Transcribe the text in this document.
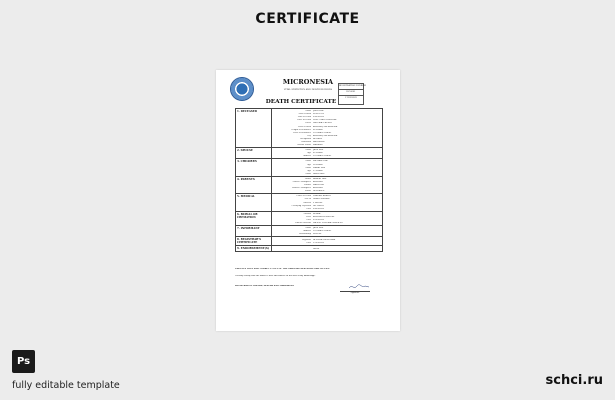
CERTIFICATE
MICRONESIA
VITAL STATISTICS AND DEATH RECORDS
REGISTRATION NUMBER
DC-0001
17/03/2022
DEATH CERTIFICATE
1. DECEASED	Name	JOHN DOE
Date of Birth	01/01/1956
Date of Death	03/03/2022
Place of Death	CIVIC STATE HOSPITAL
Cause	NATURAL CAUSES
Place of Birth	KOLONIA, MICRONESIA
Length of Residence	66 YEARS
Place of Residence	123 MAIN STREET
City	KOLONIA, MICRONESIA
Occupation	RETIRED
Education	BACHELOR
Marital Status	MARRIED
2. SPOUSE	Name	JANE DOE
Age	62 YEARS
Address	123 MAIN STREET
3. CHILDREN	Name	MICHAEL DOE
Age	38 YEARS
Name	SARAH DOE
Age	35 YEARS
Name	DAVID DOE
4. PARENTS	Father	ROBERT DOE
Father's Birthplace	KOLONIA
Mother	MARY DOE
Mother's Birthplace	KOLONIA
Status	DECEASED
5. MEDICAL	Cause of Death	CARDIAC ARREST
Due to	HEART DISEASE
Interval	2 HOURS
Certifying Physician	DR. SMITH
Date	03/03/2022
6. BURIAL OR CREMATION
Method	BURIAL
Place	KOLONIA CEMETERY
Date	07/03/2022
Funeral Director	PACIFIC FUNERAL SERVICES
7. INFORMANT	Name	JANE DOE
Address	123 MAIN STREET
Relationship	SPOUSE
8. REGISTRAR'S CERTIFICATE
Registrar	OFFICIAL REGISTRAR
Date	17/03/2022
9. ENDORSEMENT(S)	NONE
THIS IS A TRUE AND CORRECT COPY OF THE ORIGINAL DEATH RECORD ON FILE
I hereby certify that the above is true and correct to the best of my knowledge.
REGISTRAR OF BIRTHS, DEATHS AND MARRIAGES
Signature
Ps
fully editable template	schci.ru
